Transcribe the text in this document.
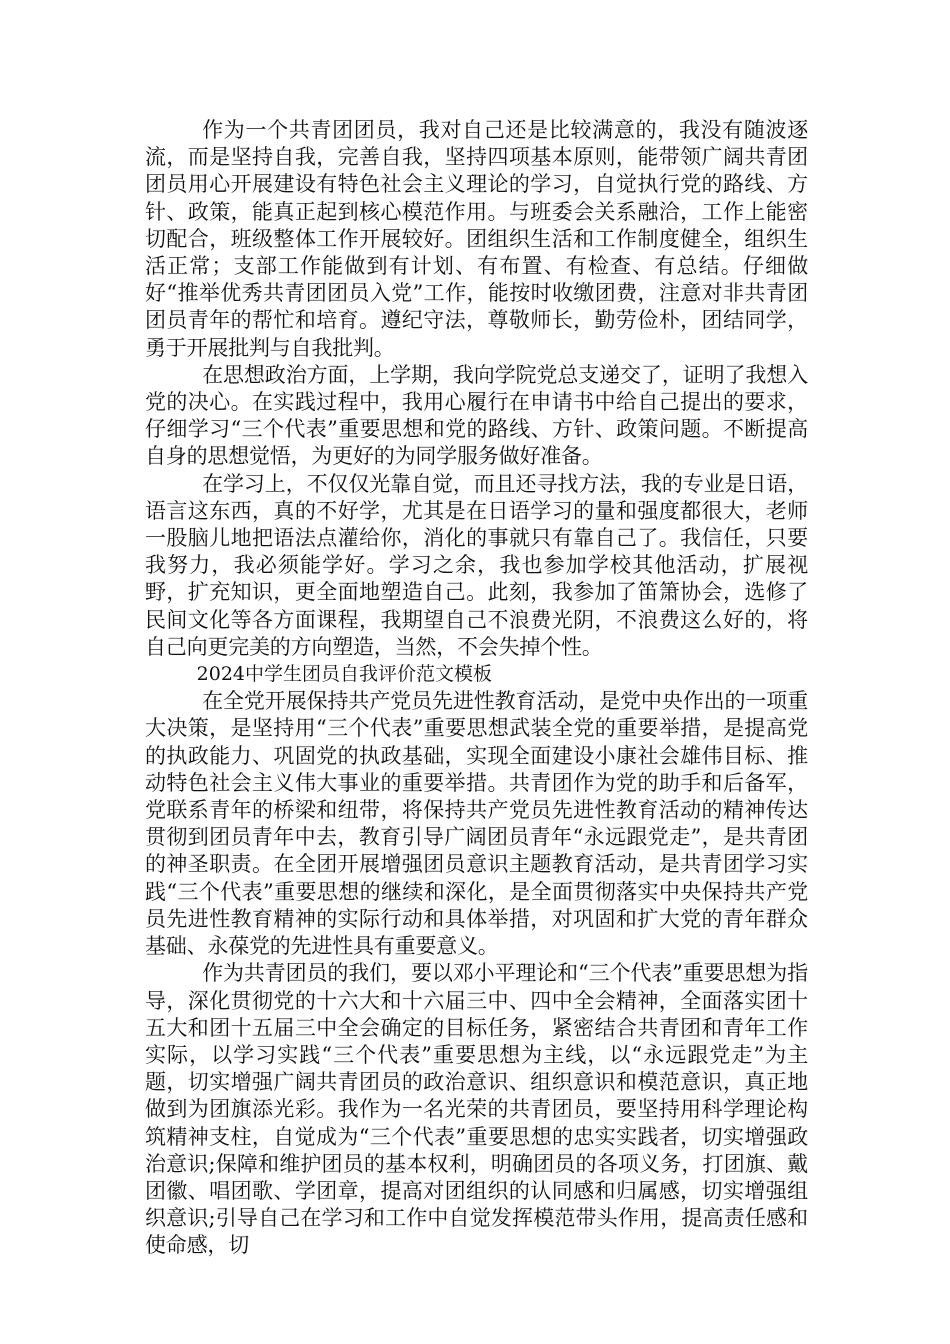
作为一个共青团团员，我对自己还是比较满意的，我没有随波逐流，而是坚持自我，完善自我，坚持四项基本原则，能带领广阔共青团团员用心开展建设有特色社会主义理论的学习，自觉执行党的路线、方针、政策，能真正起到核心模范作用。与班委会关系融洽，工作上能密切配合，班级整体工作开展较好。团组织生活和工作制度健全，组织生活正常；支部工作能做到有计划、有布置、有检查、有总结。仔细做好“推举优秀共青团团员入党”工作，能按时收缴团费，注意对非共青团团员青年的帮忙和培育。遵纪守法，尊敬师长，勤劳俭朴，团结同学，勇于开展批判与自我批判。

在思想政治方面，上学期，我向学院党总支递交了，证明了我想入党的决心。在实践过程中，我用心履行在申请书中给自己提出的要求，仔细学习“三个代表”重要思想和党的路线、方针、政策问题。不断提高自身的思想觉悟，为更好的为同学服务做好准备。

在学习上，不仅仅光靠自觉，而且还寻找方法，我的专业是日语，语言这东西，真的不好学，尤其是在日语学习的量和强度都很大，老师一股脑儿地把语法点灌给你，消化的事就只有靠自己了。我信任，只要我努力，我必须能学好。学习之余，我也参加学校其他活动，扩展视野，扩充知识，更全面地塑造自己。此刻，我参加了笛箫协会，选修了民间文化等各方面课程，我期望自己不浪费光阴，不浪费这么好的，将自己向更完美的方向塑造，当然，不会失掉个性。

2024中学生团员自我评价范文模板

在全党开展保持共产党员先进性教育活动，是党中央作出的一项重大决策，是坚持用“三个代表”重要思想武装全党的重要举措，是提高党的执政能力、巩固党的执政基础，实现全面建设小康社会雄伟目标、推动特色社会主义伟大事业的重要举措。共青团作为党的助手和后备军，党联系青年的桥梁和纽带，将保持共产党员先进性教育活动的精神传达贯彻到团员青年中去，教育引导广阔团员青年“永远跟党走”，是共青团的神圣职责。在全团开展增强团员意识主题教育活动，是共青团学习实践“三个代表”重要思想的继续和深化，是全面贯彻落实中央保持共产党员先进性教育精神的实际行动和具体举措，对巩固和扩大党的青年群众基础、永葆党的先进性具有重要意义。

作为共青团员的我们，要以邓小平理论和“三个代表”重要思想为指导，深化贯彻党的十六大和十六届三中、四中全会精神，全面落实团十五大和团十五届三中全会确定的目标任务，紧密结合共青团和青年工作实际，以学习实践“三个代表”重要思想为主线，以“永远跟党走”为主题，切实增强广阔共青团员的政治意识、组织意识和模范意识，真正地做到为团旗添光彩。我作为一名光荣的共青团员，要坚持用科学理论构筑精神支柱，自觉成为“三个代表”重要思想的忠实实践者，切实增强政治意识;保障和维护团员的基本权利，明确团员的各项义务，打团旗、戴团徽、唱团歌、学团章，提高对团组织的认同感和归属感，切实增强组织意识;引导自己在学习和工作中自觉发挥模范带头作用，提高责任感和使命感，切
